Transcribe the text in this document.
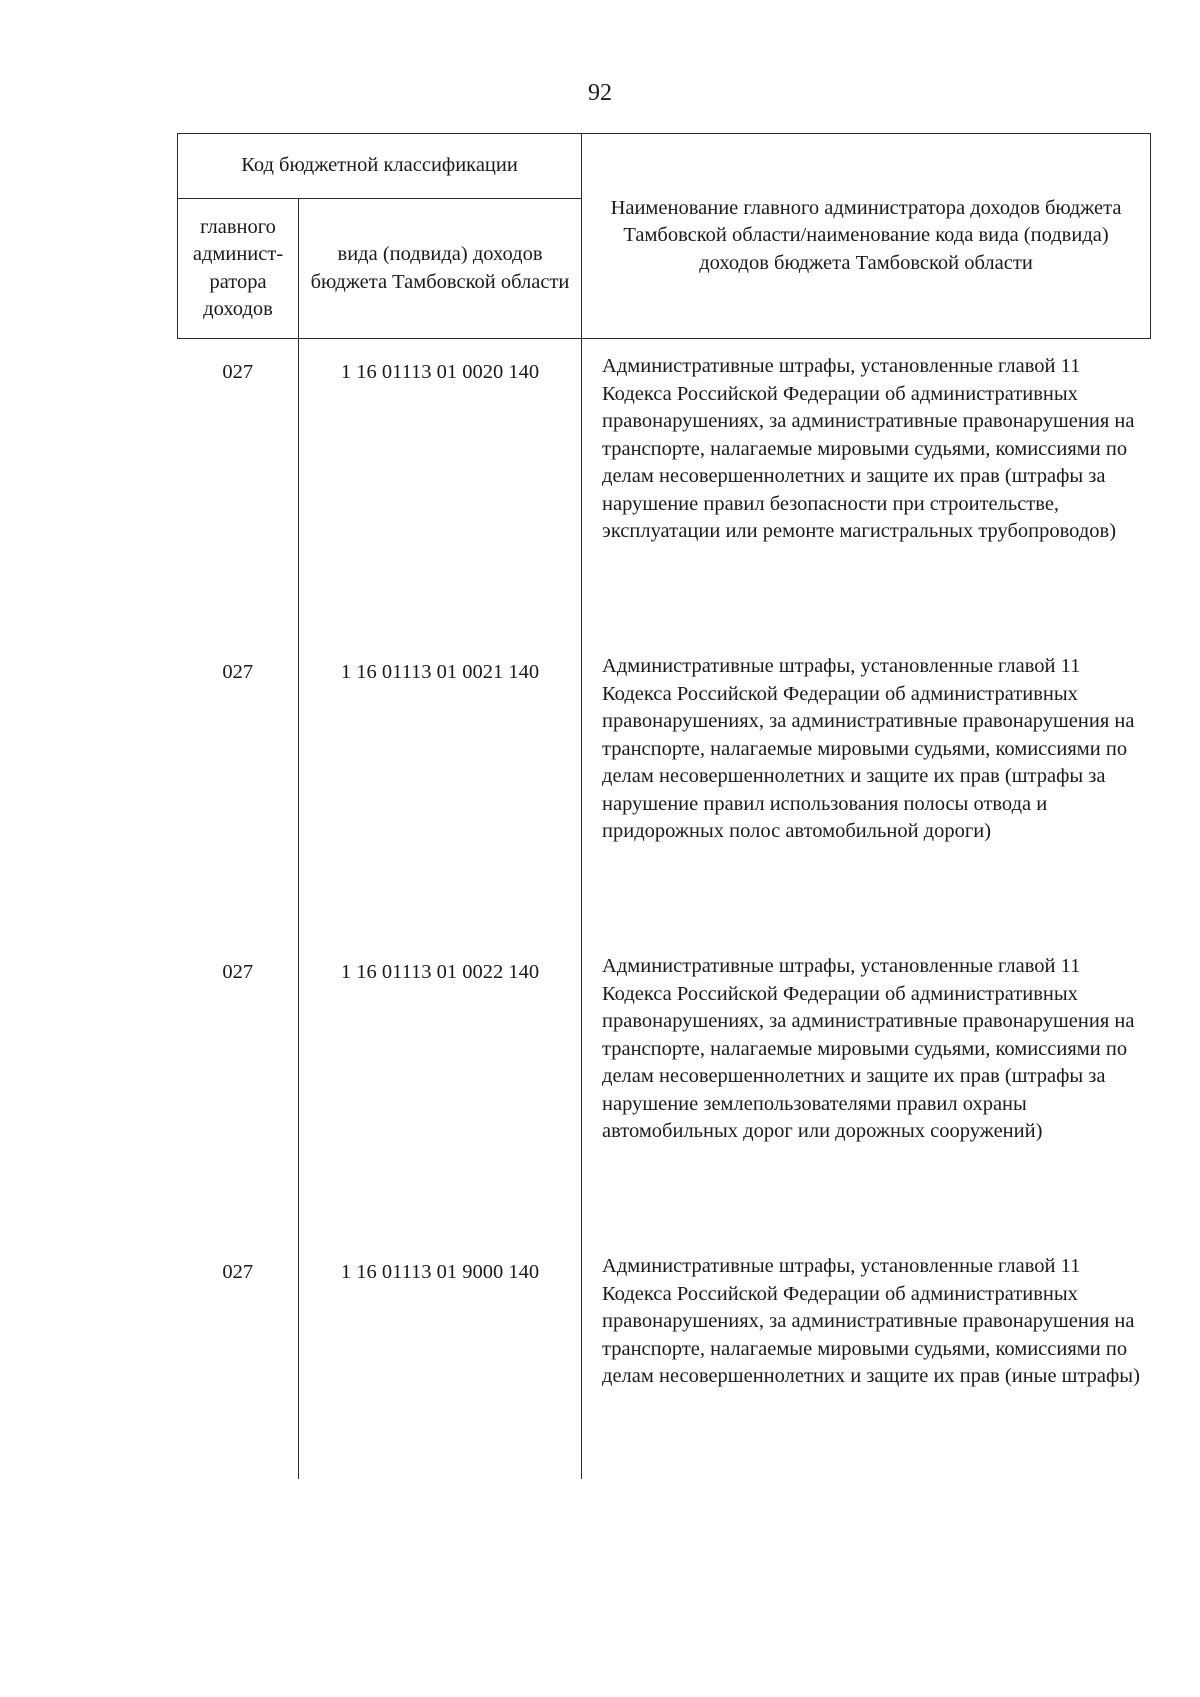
92
Код бюджетной классификации		Наименование главного администратора доходов бюджета Тамбовской области/наименование кода вида (подвида) доходов бюджета Тамбовской области
главного админист-ратора доходов	вида (подвида) доходов бюджета Тамбовской области	
027	1 16 01113 01 0020 140	Административные штрафы, установленные главой 11 Кодекса Российской Федерации об административных правонарушениях, за административные правонарушения на транспорте, налагаемые мировыми судьями, комиссиями по делам несовершеннолетних и защите их прав (штрафы за нарушение правил безопасности при строительстве, эксплуатации или ремонте магистральных трубопроводов)
027	1 16 01113 01 0021 140	Административные штрафы, установленные главой 11 Кодекса Российской Федерации об административных правонарушениях, за административные правонарушения на транспорте, налагаемые мировыми судьями, комиссиями по делам несовершеннолетних и защите их прав (штрафы за нарушение правил использования полосы отвода и придорожных полос автомобильной дороги)
027	1 16 01113 01 0022 140	Административные штрафы, установленные главой 11 Кодекса Российской Федерации об административных правонарушениях, за административные правонарушения на транспорте, налагаемые мировыми судьями, комиссиями по делам несовершеннолетних и защите их прав (штрафы за нарушение землепользователями правил охраны автомобильных дорог или дорожных сооружений)
027	1 16 01113 01 9000 140	Административные штрафы, установленные главой 11 Кодекса Российской Федерации об административных правонарушениях, за административные правонарушения на транспорте, налагаемые мировыми судьями, комиссиями по делам несовершеннолетних и защите их прав (иные штрафы)
